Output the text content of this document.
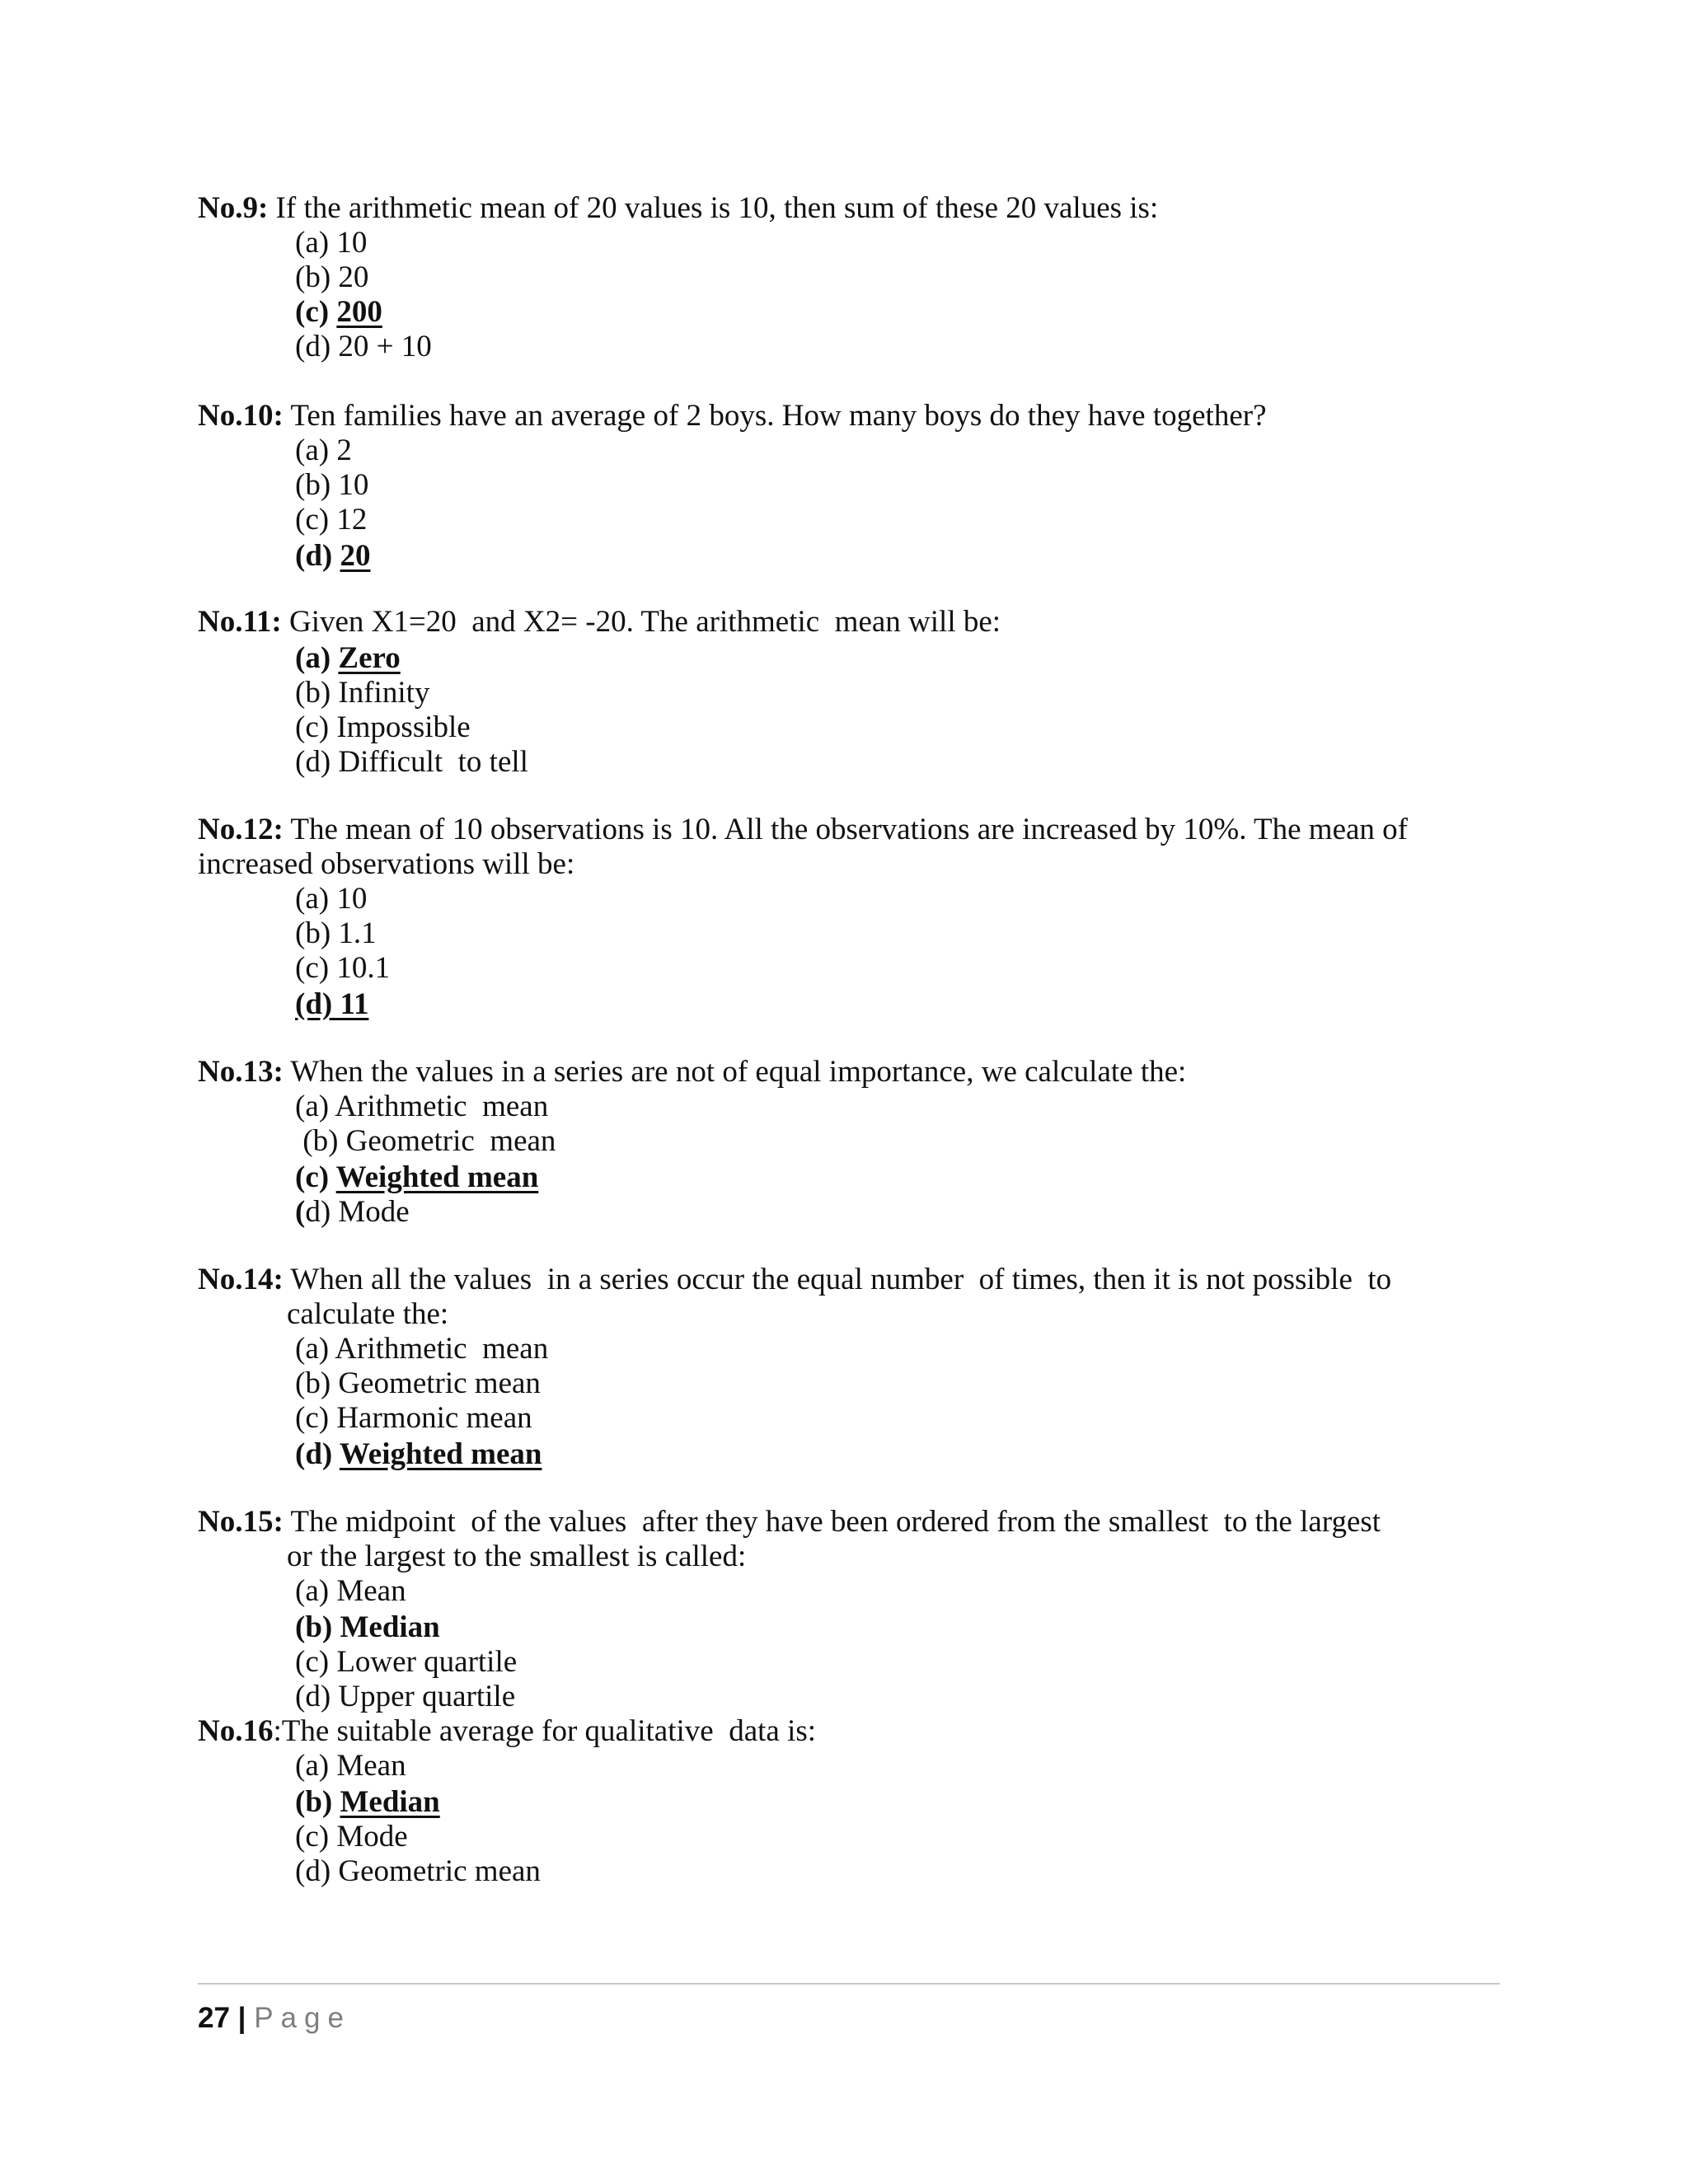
No.9: If the arithmetic mean of 20 values is 10, then sum of these 20 values is:
(a) 10
(b) 20
(c) 200
(d) 20 + 10
No.10: Ten families have an average of 2 boys. How many boys do they have together?
(a) 2
(b) 10
(c) 12
(d) 20
No.11: Given X1=20  and X2= -20. The arithmetic  mean will be:
(a) Zero
(b) Infinity
(c) Impossible
(d) Difficult  to tell
No.12: The mean of 10 observations is 10. All the observations are increased by 10%. The mean of
increased observations will be:
(a) 10
(b) 1.1
(c) 10.1
(d) 11
No.13: When the values in a series are not of equal importance, we calculate the:
(a) Arithmetic  mean
(b) Geometric  mean
(c) Weighted mean
(d) Mode
No.14: When all the values  in a series occur the equal number  of times, then it is not possible  to
calculate the:
(a) Arithmetic  mean
(b) Geometric mean
(c) Harmonic mean
(d) Weighted mean
No.15: The midpoint  of the values  after they have been ordered from the smallest  to the largest
or the largest to the smallest is called:
(a) Mean
(b) Median
(c) Lower quartile
(d) Upper quartile
No.16:The suitable average for qualitative  data is:
(a) Mean
(b) Median
(c) Mode
(d) Geometric mean
27 | Page
